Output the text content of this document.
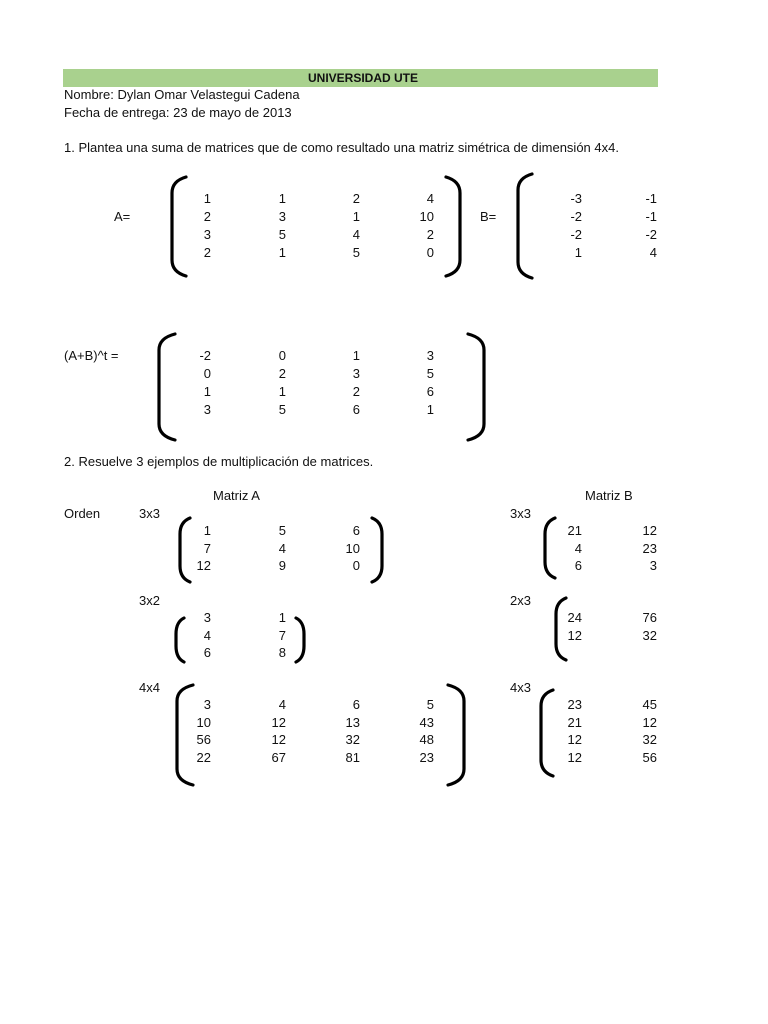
UNIVERSIDAD UTE
Nombre: Dylan Omar Velastegui Cadena
Fecha de entrega: 23 de mayo de 2013
1. Plantea una suma de matrices que de como resultado una matriz simétrica de dimensión 4x4.
A=	B=
(A+B)^t =
1	1	2	4
2	3	1	10
3	5	4	2
2	1	5	0
-3	-1
-2	-1
-2	-2
1	4
-2	0	1	3
0	2	3	5
1	1	2	6
3	5	6	1
2. Resuelve 3 ejemplos de multiplicación de matrices.
Matriz A	Matriz B
Orden	3x3	3x3
3x2	2x3
4x4	4x3
1	5	6
7	4	10
12	9	0
21	12
4	23
6	3
3	1
4	7
6	8
24	76
12	32
3	4	6	5
10	12	13	43
56	12	32	48
22	67	81	23
23	45
21	12
12	32
12	56
